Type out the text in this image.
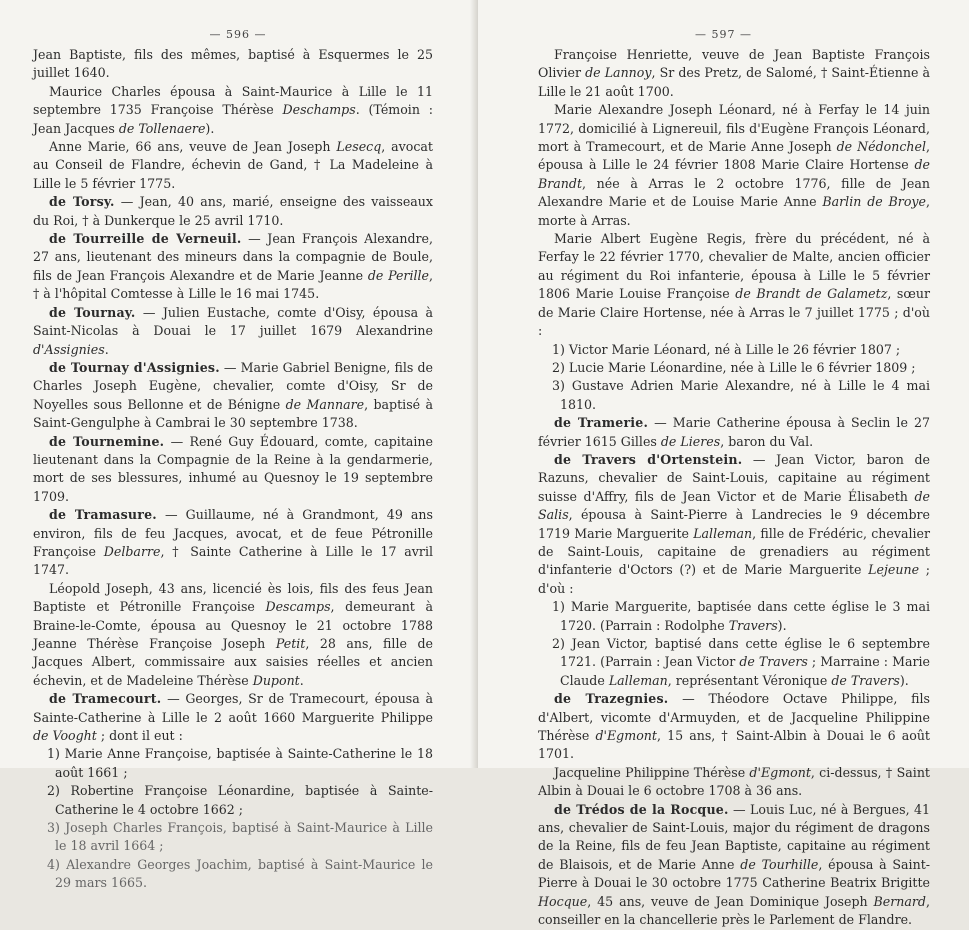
— 596 —

Jean Baptiste, fils des mêmes, baptisé à Esquermes le 25 juillet 1640.

Maurice Charles épousa à Saint-Maurice à Lille le 11 septembre 1735 Françoise Thérèse Deschamps. (Témoin : Jean Jacques de Tollenaere).

Anne Marie, 66 ans, veuve de Jean Joseph Lesecq, avocat au Conseil de Flandre, échevin de Gand, † La Madeleine à Lille le 5 février 1775.

de Torsy. — Jean, 40 ans, marié, enseigne des vaisseaux du Roi, † à Dunkerque le 25 avril 1710.

de Tourreille de Verneuil. — Jean François Alexandre, 27 ans, lieutenant des mineurs dans la compagnie de Boule, fils de Jean François Alexandre et de Marie Jeanne de Perille, † à l'hôpital Comtesse à Lille le 16 mai 1745.

de Tournay. — Julien Eustache, comte d'Oisy, épousa à Saint-Nicolas à Douai le 17 juillet 1679 Alexandrine d'Assignies.

de Tournay d'Assignies. — Marie Gabriel Benigne, fils de Charles Joseph Eugène, chevalier, comte d'Oisy, Sr de Noyelles sous Bellonne et de Bénigne de Mannare, baptisé à Saint-Gengulphe à Cambrai le 30 septembre 1738.

de Tournemine. — René Guy Édouard, comte, capitaine lieutenant dans la Compagnie de la Reine à la gendarmerie, mort de ses blessures, inhumé au Quesnoy le 19 septembre 1709.

de Tramasure. — Guillaume, né à Grandmont, 49 ans environ, fils de feu Jacques, avocat, et de feue Pétronille Françoise Delbarre, † Sainte Catherine à Lille le 17 avril 1747.

Léopold Joseph, 43 ans, licencié ès lois, fils des feus Jean Baptiste et Pétronille Françoise Descamps, demeurant à Braine-le-Comte, épousa au Quesnoy le 21 octobre 1788 Jeanne Thérèse Françoise Joseph Petit, 28 ans, fille de Jacques Albert, commissaire aux saisies réelles et ancien échevin, et de Madeleine Thérèse Dupont.

de Tramecourt. — Georges, Sr de Tramecourt, épousa à Sainte-Catherine à Lille le 2 août 1660 Marguerite Philippe de Vooght ; dont il eut :

1) Marie Anne Françoise, baptisée à Sainte-Catherine le 18 août 1661 ;

2) Robertine Françoise Léonardine, baptisée à Sainte-Catherine le 4 octobre 1662 ;

3) Joseph Charles François, baptisé à Saint-Maurice à Lille le 18 avril 1664 ;

4) Alexandre Georges Joachim, baptisé à Saint-Maurice le 29 mars 1665.

— 597 —

Françoise Henriette, veuve de Jean Baptiste François Olivier de Lannoy, Sr des Pretz, de Salomé, † Saint-Étienne à Lille le 21 août 1700.

Marie Alexandre Joseph Léonard, né à Ferfay le 14 juin 1772, domicilié à Lignereuil, fils d'Eugène François Léonard, mort à Tramecourt, et de Marie Anne Joseph de Nédonchel, épousa à Lille le 24 février 1808 Marie Claire Hortense de Brandt, née à Arras le 2 octobre 1776, fille de Jean Alexandre Marie et de Louise Marie Anne Barlin de Broye, morte à Arras.

Marie Albert Eugène Regis, frère du précédent, né à Ferfay le 22 février 1770, chevalier de Malte, ancien officier au régiment du Roi infanterie, épousa à Lille le 5 février 1806 Marie Louise Françoise de Brandt de Galametz, sœur de Marie Claire Hortense, née à Arras le 7 juillet 1775 ; d'où :

1) Victor Marie Léonard, né à Lille le 26 février 1807 ;

2) Lucie Marie Léonardine, née à Lille le 6 février 1809 ;

3) Gustave Adrien Marie Alexandre, né à Lille le 4 mai 1810.

de Tramerie. — Marie Catherine épousa à Seclin le 27 février 1615 Gilles de Lieres, baron du Val.

de Travers d'Ortenstein. — Jean Victor, baron de Razuns, chevalier de Saint-Louis, capitaine au régiment suisse d'Affry, fils de Jean Victor et de Marie Élisabeth de Salis, épousa à Saint-Pierre à Landrecies le 9 décembre 1719 Marie Marguerite Lalleman, fille de Frédéric, chevalier de Saint-Louis, capitaine de grenadiers au régiment d'infanterie d'Octors (?) et de Marie Marguerite Lejeune ; d'où :

1) Marie Marguerite, baptisée dans cette église le 3 mai 1720. (Parrain : Rodolphe Travers).

2) Jean Victor, baptisé dans cette église le 6 septembre 1721. (Parrain : Jean Victor de Travers ; Marraine : Marie Claude Lalleman, représentant Véronique de Travers).

de Trazegnies. — Théodore Octave Philippe, fils d'Albert, vicomte d'Armuyden, et de Jacqueline Philippine Thérèse d'Egmont, 15 ans, † Saint-Albin à Douai le 6 août 1701.

Jacqueline Philippine Thérèse d'Egmont, ci-dessus, † Saint Albin à Douai le 6 octobre 1708 à 36 ans.

de Trédos de la Rocque. — Louis Luc, né à Bergues, 41 ans, chevalier de Saint-Louis, major du régiment de dragons de la Reine, fils de feu Jean Baptiste, capitaine au régiment de Blaisois, et de Marie Anne de Tourhille, épousa à Saint-Pierre à Douai le 30 octobre 1775 Catherine Beatrix Brigitte Hocque, 45 ans, veuve de Jean Dominique Joseph Bernard, conseiller en la chancellerie près le Parlement de Flandre.
